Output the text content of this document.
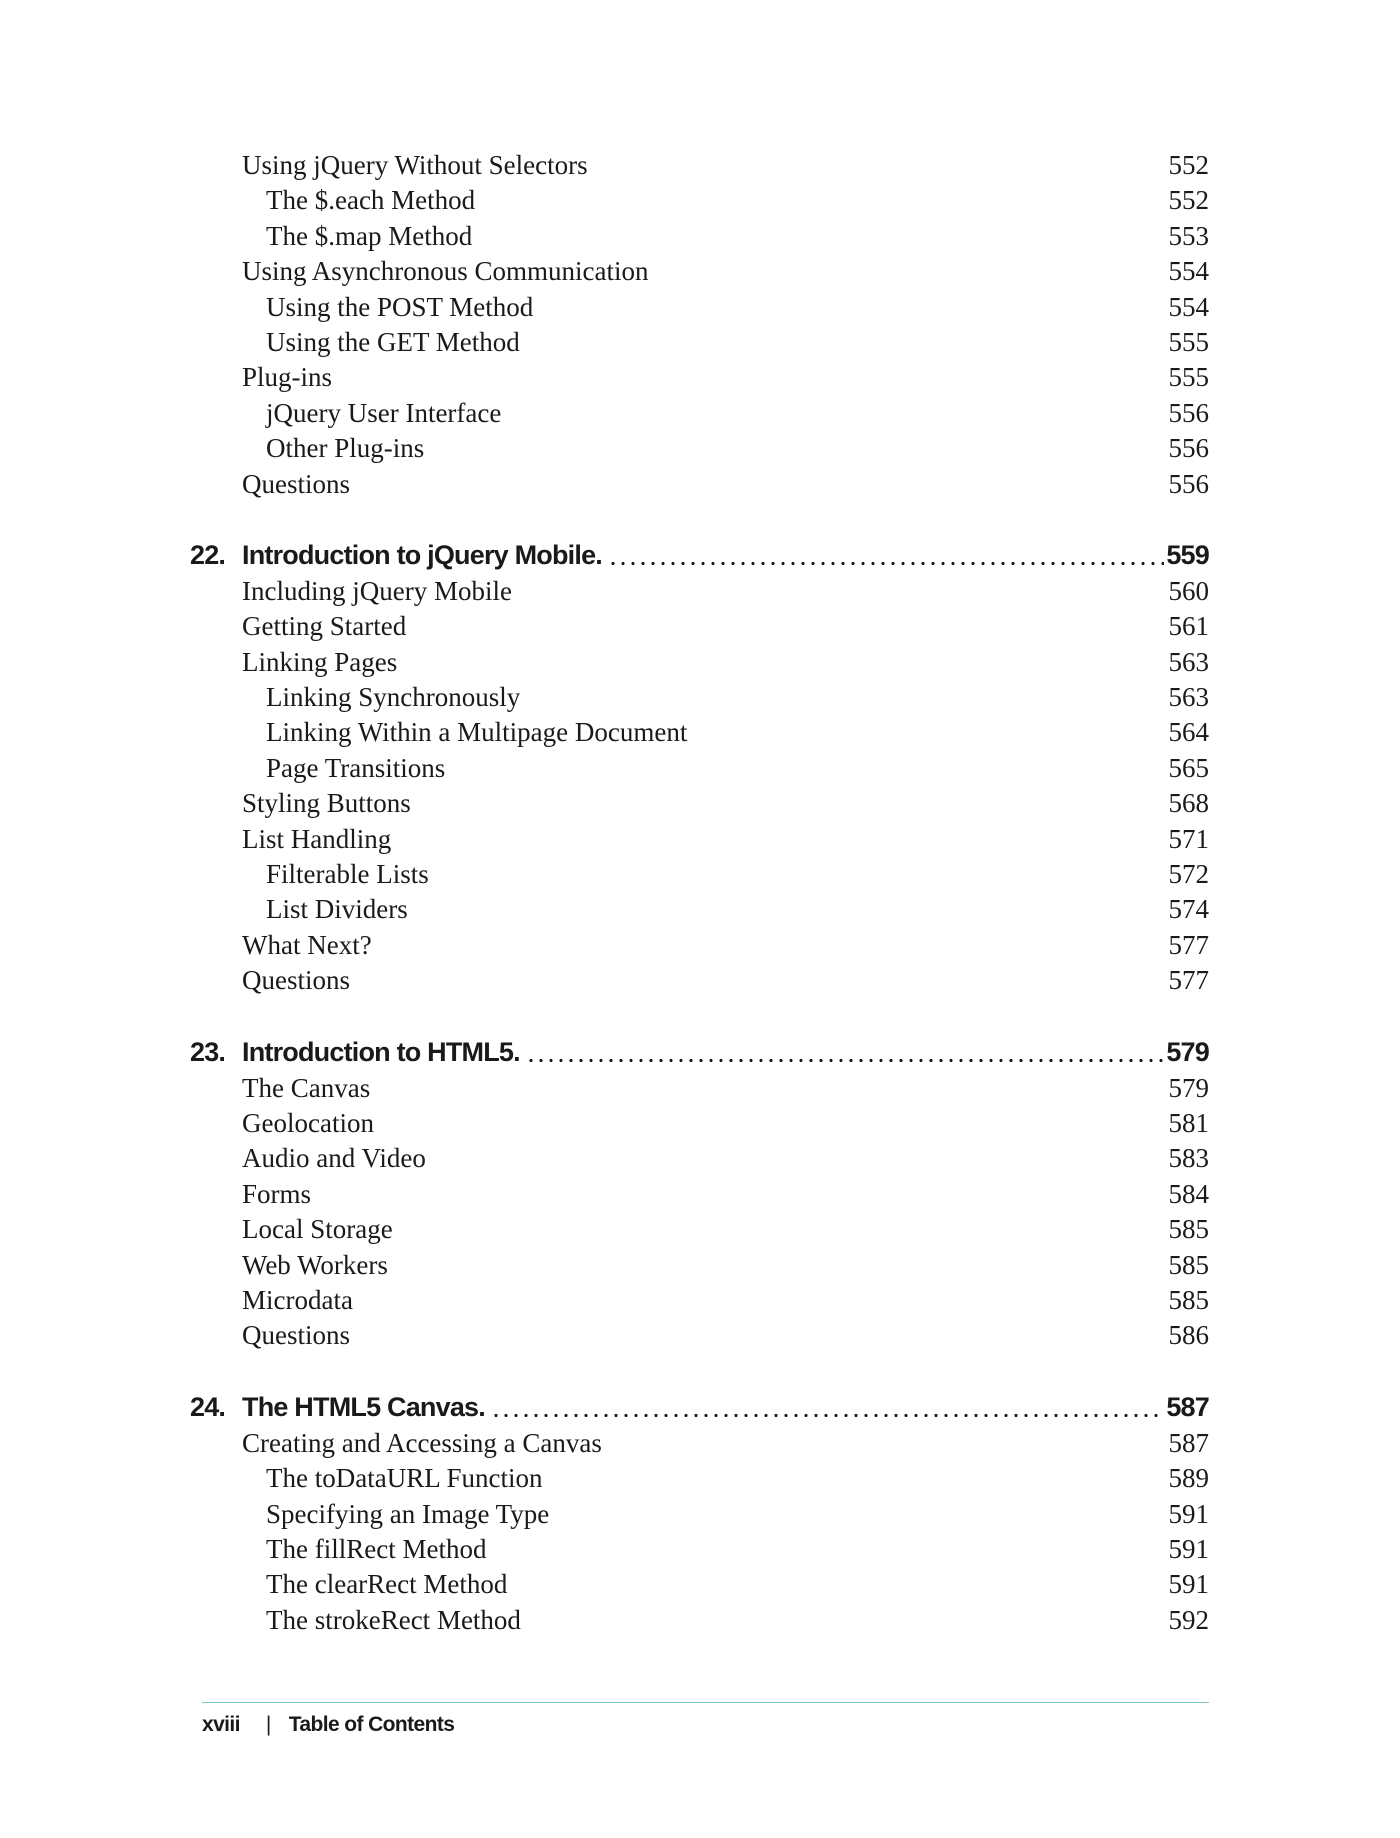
Using jQuery Without Selectors	552
The $.each Method	552
The $.map Method	553
Using Asynchronous Communication	554
Using the POST Method	554
Using the GET Method	555
Plug-ins	555
jQuery User Interface	556
Other Plug-ins	556
Questions	556
22. Introduction to jQuery Mobile.	559
Including jQuery Mobile	560
Getting Started	561
Linking Pages	563
Linking Synchronously	563
Linking Within a Multipage Document	564
Page Transitions	565
Styling Buttons	568
List Handling	571
Filterable Lists	572
List Dividers	574
What Next?	577
Questions	577
23. Introduction to HTML5.	579
The Canvas	579
Geolocation	581
Audio and Video	583
Forms	584
Local Storage	585
Web Workers	585
Microdata	585
Questions	586
24. The HTML5 Canvas.	587
Creating and Accessing a Canvas	587
The toDataURL Function	589
Specifying an Image Type	591
The fillRect Method	591
The clearRect Method	591
The strokeRect Method	592
xviii | Table of Contents
